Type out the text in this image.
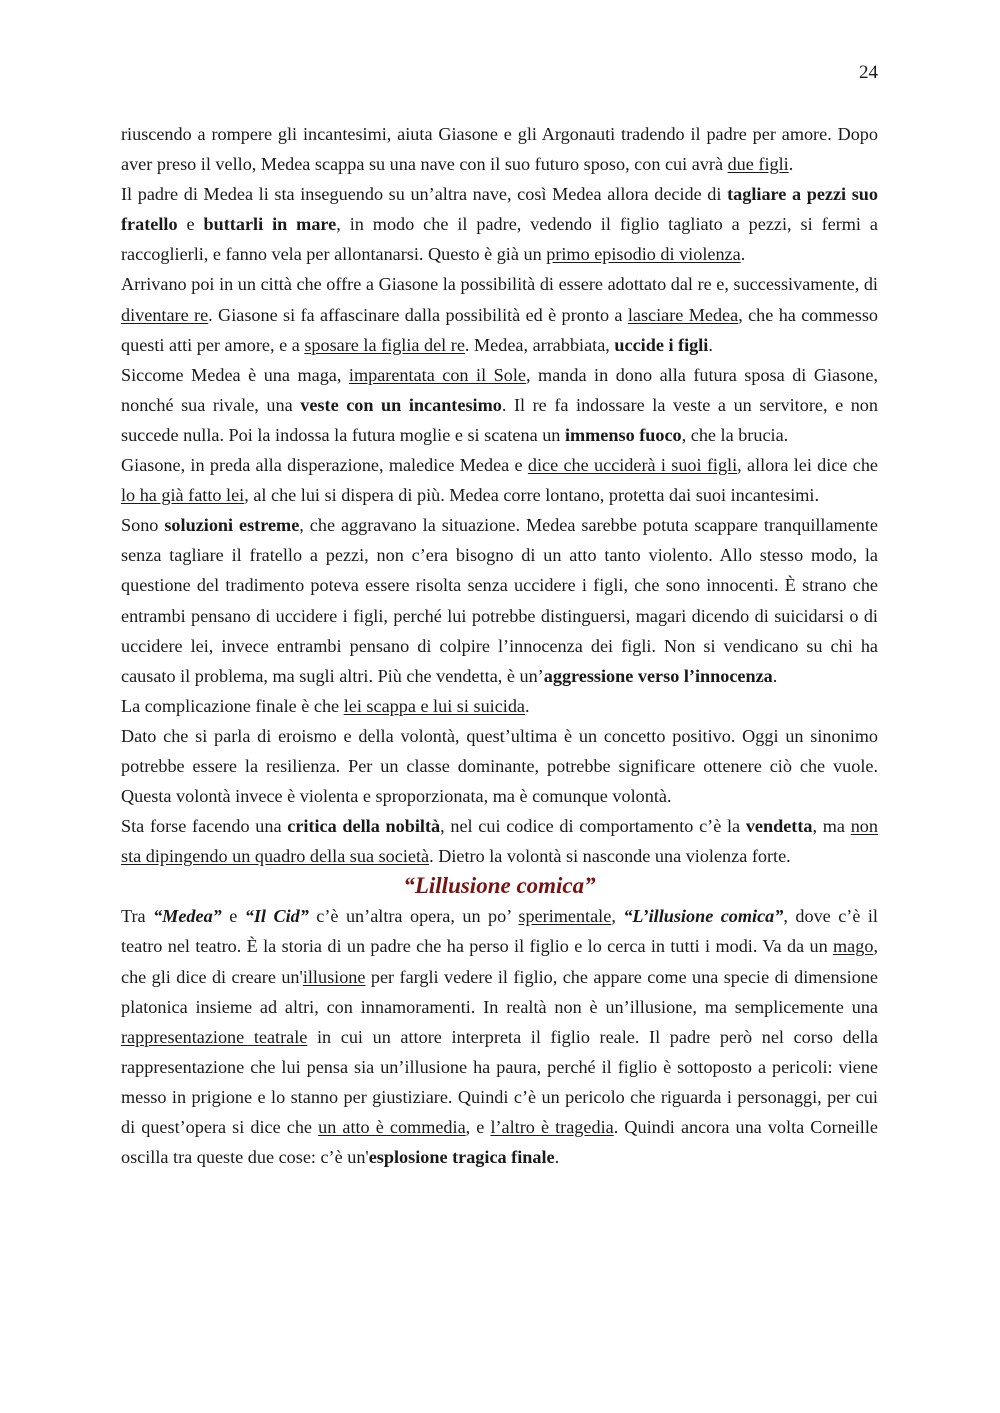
24

riuscendo a rompere gli incantesimi, aiuta Giasone e gli Argonauti tradendo il padre per amore. Dopo aver preso il vello, Medea scappa su una nave con il suo futuro sposo, con cui avrà due figli.

Il padre di Medea li sta inseguendo su un’altra nave, così Medea allora decide di tagliare a pezzi suo fratello e buttarli in mare, in modo che il padre, vedendo il figlio tagliato a pezzi, si fermi a raccoglierli, e fanno vela per allontanarsi. Questo è già un primo episodio di violenza.

Arrivano poi in un città che offre a Giasone la possibilità di essere adottato dal re e, successivamente, di diventare re. Giasone si fa affascinare dalla possibilità ed è pronto a lasciare Medea, che ha commesso questi atti per amore, e a sposare la figlia del re. Medea, arrabbiata, uccide i figli.

Siccome Medea è una maga, imparentata con il Sole, manda in dono alla futura sposa di Giasone, nonché sua rivale, una veste con un incantesimo. Il re fa indossare la veste a un servitore, e non succede nulla. Poi la indossa la futura moglie e si scatena un immenso fuoco, che la brucia.

Giasone, in preda alla disperazione, maledice Medea e dice che ucciderà i suoi figli, allora lei dice che lo ha già fatto lei, al che lui si dispera di più. Medea corre lontano, protetta dai suoi incantesimi.

Sono soluzioni estreme, che aggravano la situazione. Medea sarebbe potuta scappare tranquillamente senza tagliare il fratello a pezzi, non c’era bisogno di un atto tanto violento. Allo stesso modo, la questione del tradimento poteva essere risolta senza uccidere i figli, che sono innocenti. È strano che entrambi pensano di uccidere i figli, perché lui potrebbe distinguersi, magari dicendo di suicidarsi o di uccidere lei, invece entrambi pensano di colpire l’innocenza dei figli. Non si vendicano su chi ha causato il problema, ma sugli altri. Più che vendetta, è un’aggressione verso l’innocenza.

La complicazione finale è che lei scappa e lui si suicida.

Dato che si parla di eroismo e della volontà, quest’ultima è un concetto positivo. Oggi un sinonimo potrebbe essere la resilienza. Per un classe dominante, potrebbe significare ottenere ciò che vuole. Questa volontà invece è violenta e sproporzionata, ma è comunque volontà.

Sta forse facendo una critica della nobiltà, nel cui codice di comportamento c’è la vendetta, ma non sta dipingendo un quadro della sua società. Dietro la volontà si nasconde una violenza forte.

“Lillusione comica”

Tra “Medea” e “Il Cid” c’è un’altra opera, un po’ sperimentale, “L’illusione comica”, dove c’è il teatro nel teatro. È la storia di un padre che ha perso il figlio e lo cerca in tutti i modi. Va da un mago, che gli dice di creare un'illusione per fargli vedere il figlio, che appare come una specie di dimensione platonica insieme ad altri, con innamoramenti. In realtà non è un’illusione, ma semplicemente una rappresentazione teatrale in cui un attore interpreta il figlio reale. Il padre però nel corso della rappresentazione che lui pensa sia un’illusione ha paura, perché il figlio è sottoposto a pericoli: viene messo in prigione e lo stanno per giustiziare. Quindi c’è un pericolo che riguarda i personaggi, per cui di quest’opera si dice che un atto è commedia, e l’altro è tragedia. Quindi ancora una volta Corneille oscilla tra queste due cose: c’è un'esplosione tragica finale.
